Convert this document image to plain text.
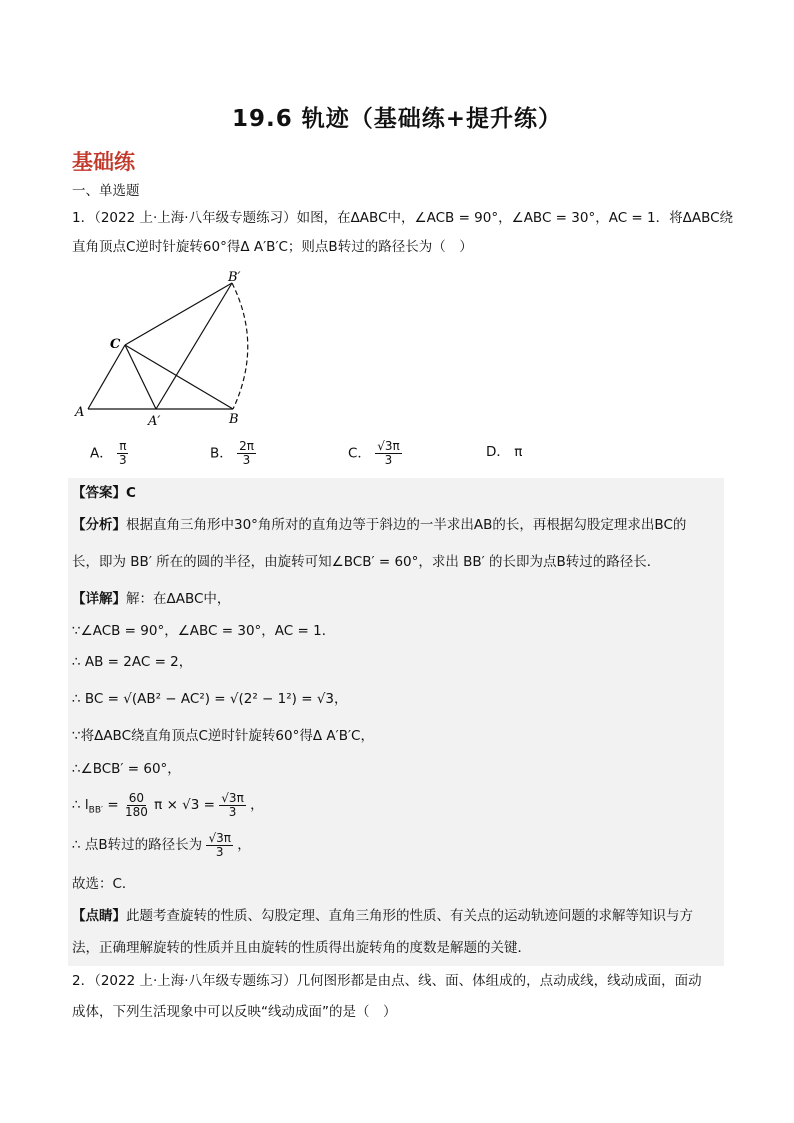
19.6 轨迹（基础练+提升练）
基础练
一、单选题
1．（2022 上·上海·八年级专题练习）如图，在ΔABC中，∠ACB = 90°，∠ABC = 30°，AC = 1．将ΔABC绕
直角顶点C逆时针旋转60°得Δ A′B′C；则点B转过的路径长为（　）
A
A′	B
B′
C
A． $\frac{\pi}{3}$	B． $\frac{2\pi}{3}$	C． $\frac{√3\pi}{3}$	D． π
【答案】C
【分析】根据直角三角形中30°角所对的直角边等于斜边的一半求出AB的长，再根据勾股定理求出BC的
长，即为 BB′ 所在的圆的半径，由旋转可知∠BCB′ = 60°，求出 BB′ 的长即为点B转过的路径长．
【详解】解：在ΔABC中，
∵∠ACB = 90°，∠ABC = 30°，AC = 1．
∴ AB = 2AC = 2，
∴ BC = √(AB² − AC²) = √(2² − 1²) = √3，
∵将ΔABC绕直角顶点C逆时针旋转60°得Δ A′B′C，
∴∠BCB′ = 60°，
∴ $l_{BB'} = \frac{60}{180}$ $\pi \times √3 = \frac{√3\pi}{3}$ ，
∴ 点B转过的路径长为 $\frac{√3\pi}{3}$ ，
故选：C．
【点睛】此题考查旋转的性质、勾股定理、直角三角形的性质、有关点的运动轨迹问题的求解等知识与方
法，正确理解旋转的性质并且由旋转的性质得出旋转角的度数是解题的关键．
2．（2022 上·上海·八年级专题练习）几何图形都是由点、线、面、体组成的，点动成线，线动成面，面动
成体，下列生活现象中可以反映“线动成面”的是（　）
